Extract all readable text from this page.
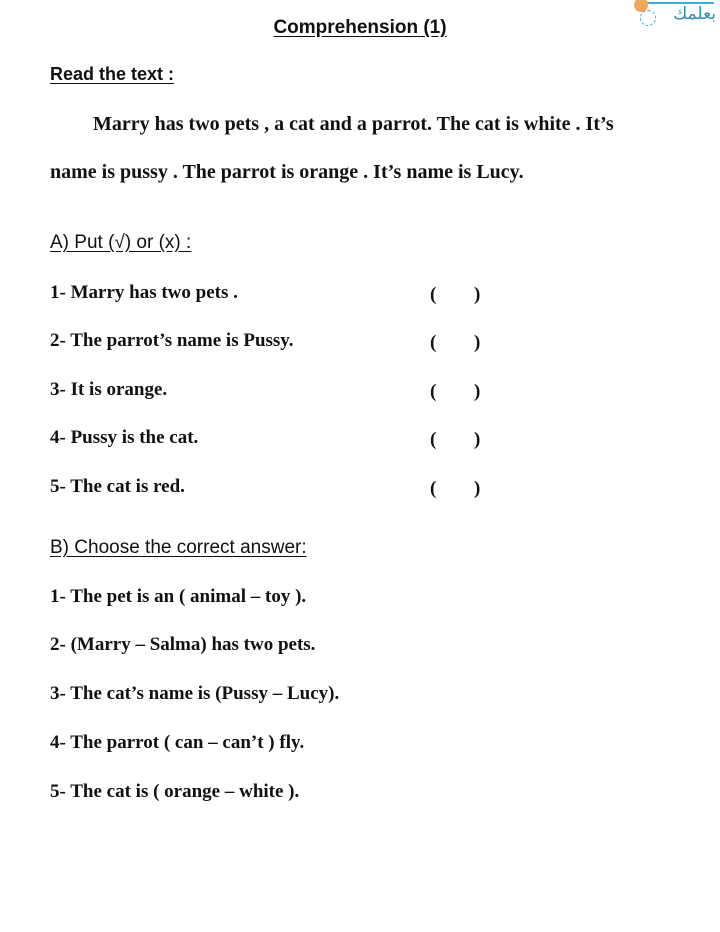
Comprehension (1)
بعلمك
Read the text :
Marry has two pets , a cat and a parrot. The cat is white . It’s
name is pussy . The parrot is orange . It’s name is Lucy.
A) Put (√) or (x) :
1- Marry has two pets .	( )
2- The parrot’s name is Pussy.	( )
3- It is orange.	( )
4- Pussy is the cat.	( )
5- The cat is red.	( )
B) Choose the correct answer:
1- The pet is an ( animal – toy ).
2- (Marry – Salma) has two pets.
3- The cat’s name is (Pussy – Lucy).
4- The parrot ( can – can’t ) fly.
5- The cat is ( orange – white ).
